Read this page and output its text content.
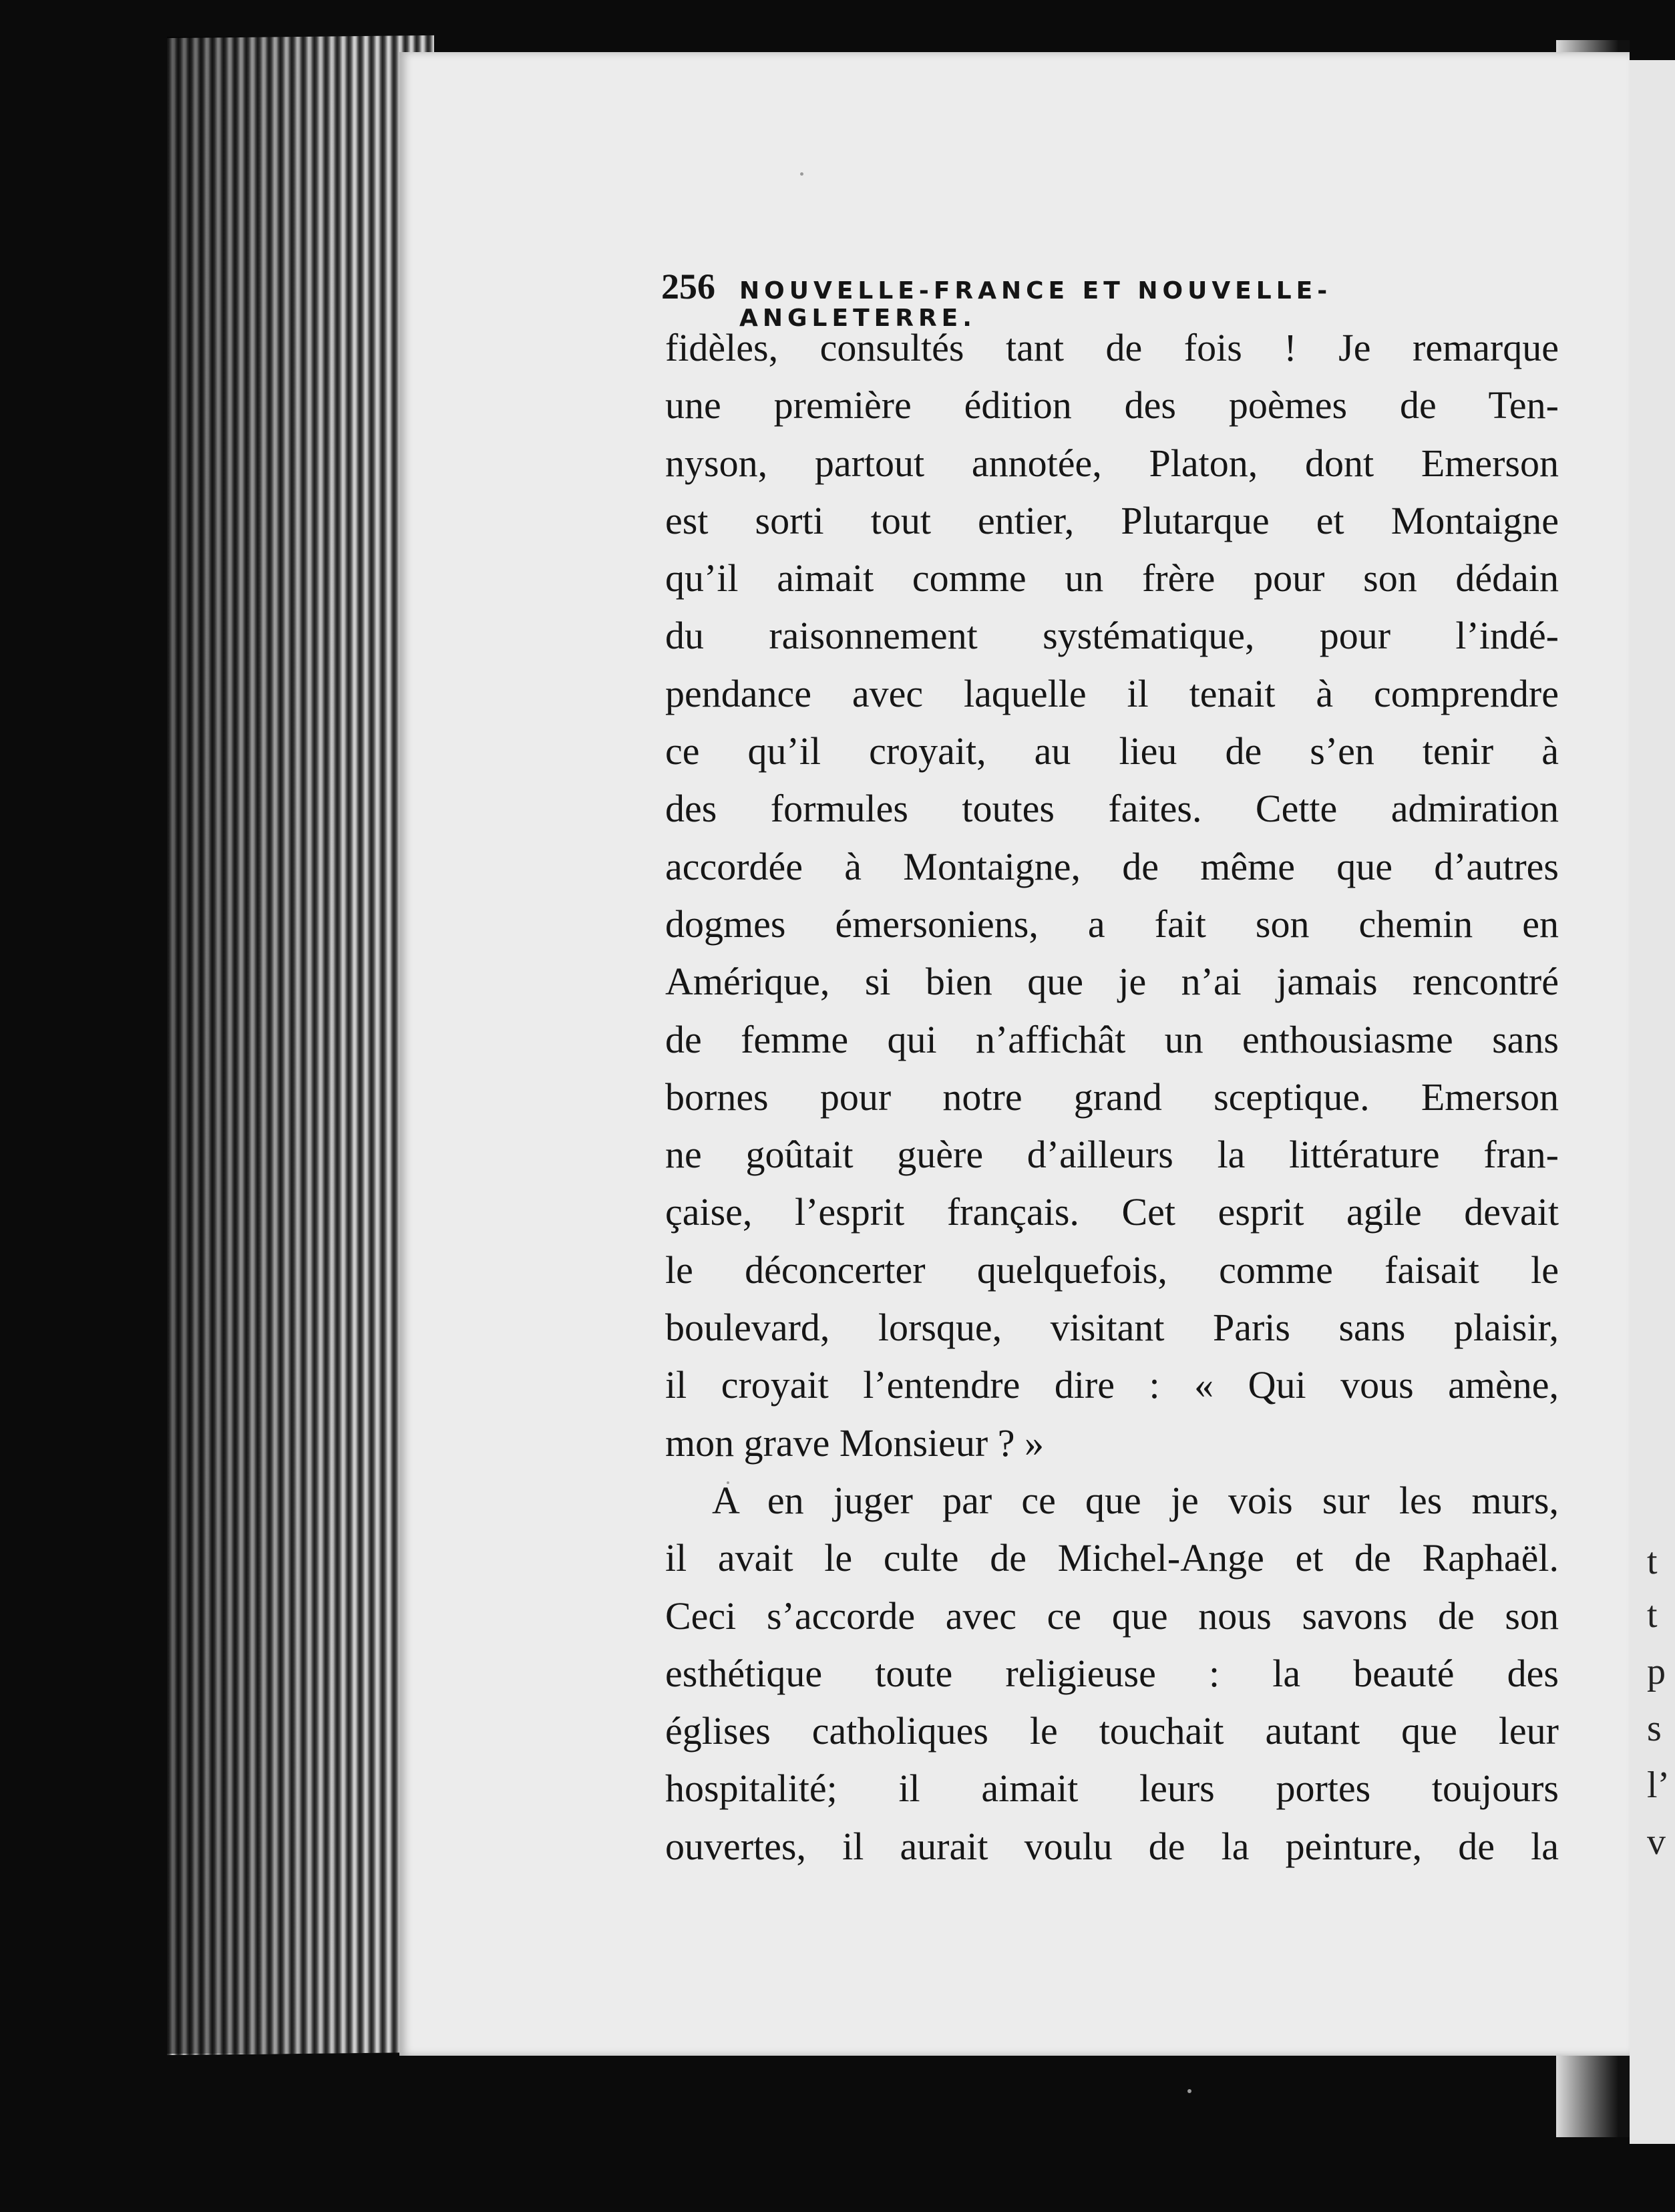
t
t
p
s
l’
v
256 NOUVELLE-FRANCE ET NOUVELLE-ANGLETERRE.
fidèles, consultés tant de fois ! Je remarque
une première édition des poèmes de Ten-
nyson, partout annotée, Platon, dont Emerson
est sorti tout entier, Plutarque et Montaigne
qu’il aimait comme un frère pour son dédain
du raisonnement systématique, pour l’indé-
pendance avec laquelle il tenait à comprendre
ce qu’il croyait, au lieu de s’en tenir à
des formules toutes faites. Cette admiration
accordée à Montaigne, de même que d’autres
dogmes émersoniens, a fait son chemin en
Amérique, si bien que je n’ai jamais rencontré
de femme qui n’affichât un enthousiasme sans
bornes pour notre grand sceptique. Emerson
ne goûtait guère d’ailleurs la littérature fran-
çaise, l’esprit français. Cet esprit agile devait
le déconcerter quelquefois, comme faisait le
boulevard, lorsque, visitant Paris sans plaisir,
il croyait l’entendre dire : « Qui vous amène,
mon grave Monsieur ? »
A en juger par ce que je vois sur les murs,
il avait le culte de Michel-Ange et de Raphaël.
Ceci s’accorde avec ce que nous savons de son
esthétique toute religieuse : la beauté des
églises catholiques le touchait autant que leur
hospitalité; il aimait leurs portes toujours
ouvertes, il aurait voulu de la peinture, de la
